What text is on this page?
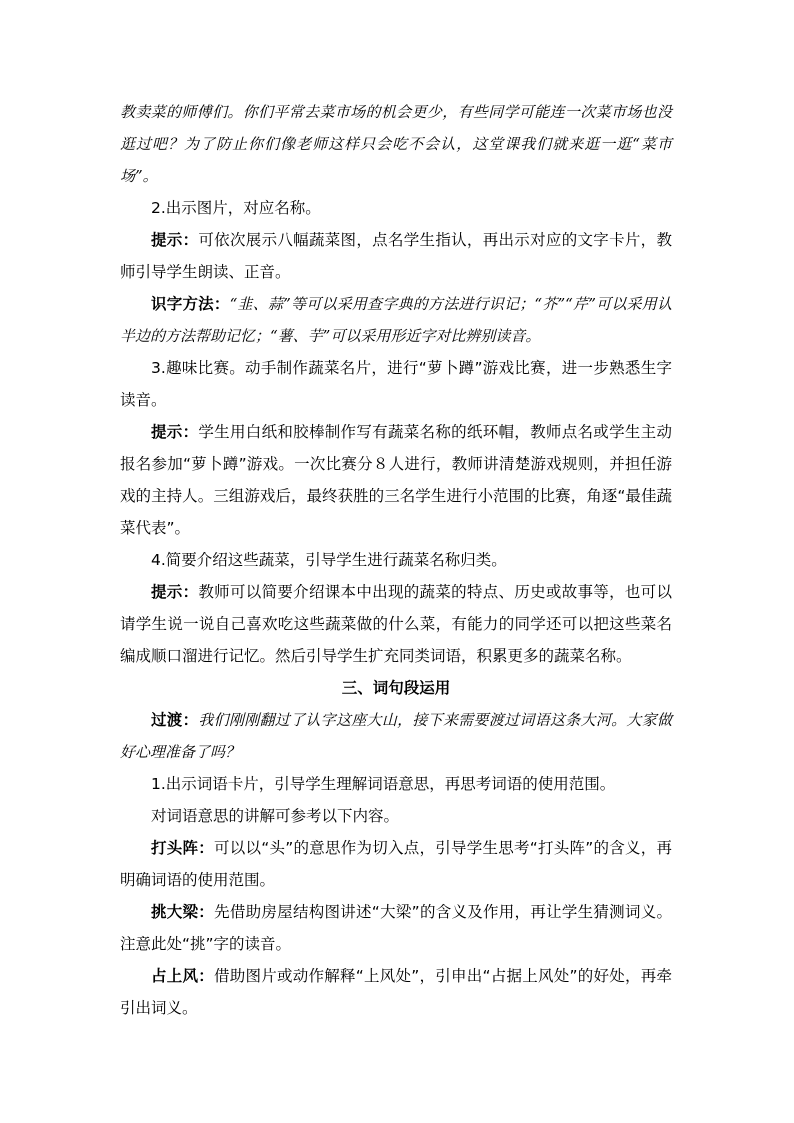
教卖菜的师傅们。你们平常去菜市场的机会更少，有些同学可能连一次菜市场也没逛过吧？为了防止你们像老师这样只会吃不会认，这堂课我们就来逛一逛“菜市场”。

2.出示图片，对应名称。

提示：可依次展示八幅蔬菜图，点名学生指认，再出示对应的文字卡片，教师引导学生朗读、正音。

识字方法：“韭、蒜”等可以采用查字典的方法进行识记；“芥”“芹”可以采用认半边的方法帮助记忆；“薯、芋”可以采用形近字对比辨别读音。

3.趣味比赛。动手制作蔬菜名片，进行“萝卜蹲”游戏比赛，进一步熟悉生字读音。

提示：学生用白纸和胶棒制作写有蔬菜名称的纸环帽，教师点名或学生主动报名参加“萝卜蹲”游戏。一次比赛分８人进行，教师讲清楚游戏规则，并担任游戏的主持人。三组游戏后，最终获胜的三名学生进行小范围的比赛，角逐“最佳蔬菜代表”。

4.简要介绍这些蔬菜，引导学生进行蔬菜名称归类。

提示：教师可以简要介绍课本中出现的蔬菜的特点、历史或故事等，也可以请学生说一说自己喜欢吃这些蔬菜做的什么菜，有能力的同学还可以把这些菜名编成顺口溜进行记忆。然后引导学生扩充同类词语，积累更多的蔬菜名称。

三、词句段运用

过渡：我们刚刚翻过了认字这座大山，接下来需要渡过词语这条大河。大家做好心理准备了吗？

1.出示词语卡片，引导学生理解词语意思，再思考词语的使用范围。

对词语意思的讲解可参考以下内容。

打头阵：可以以“头”的意思作为切入点，引导学生思考“打头阵”的含义，再明确词语的使用范围。

挑大梁：先借助房屋结构图讲述“大梁”的含义及作用，再让学生猜测词义。注意此处“挑”字的读音。

占上风：借助图片或动作解释“上风处”，引申出“占据上风处”的好处，再牵引出词义。
